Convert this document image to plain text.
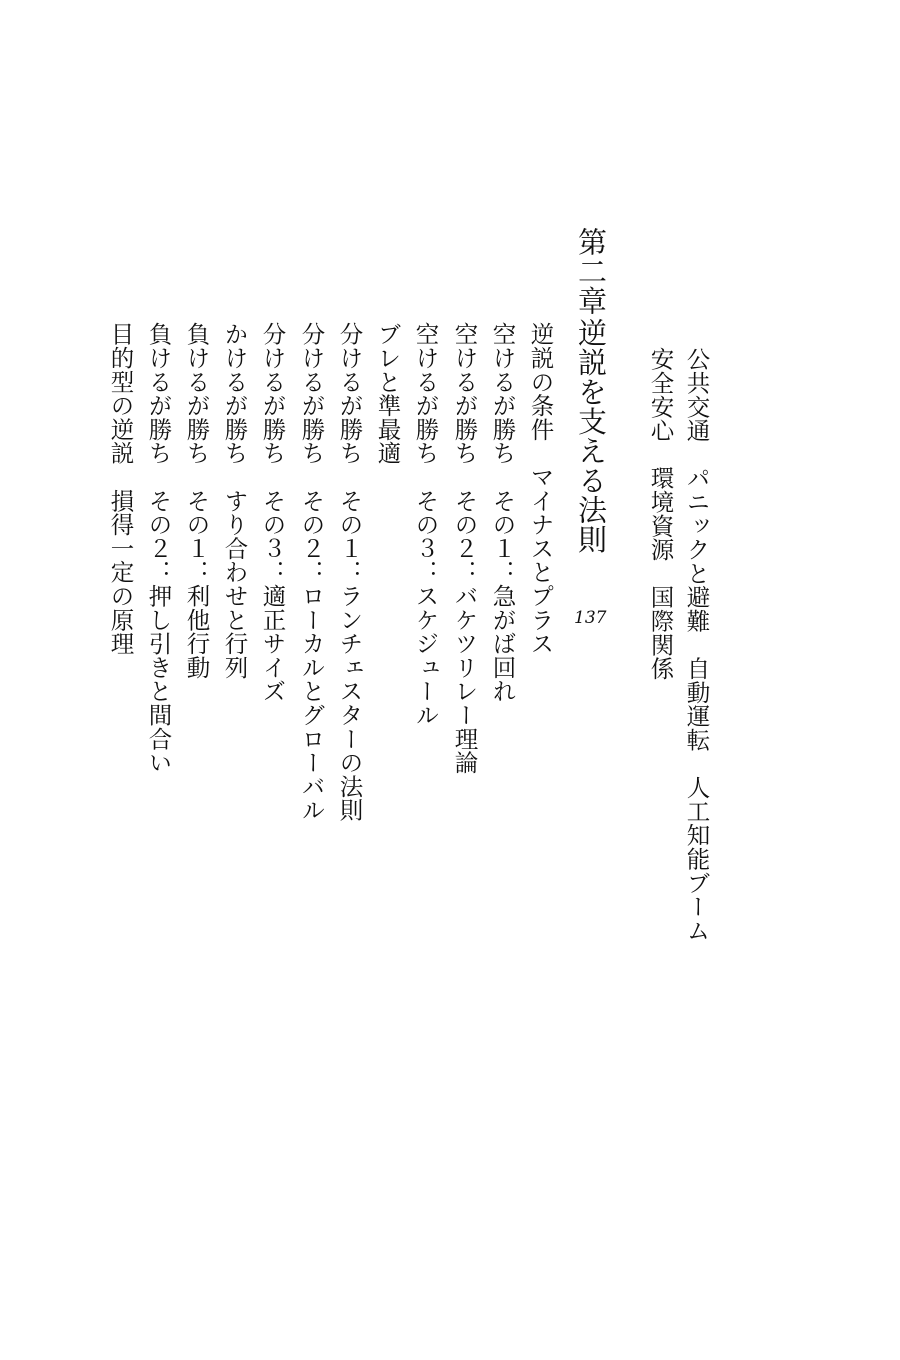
公共交通　パニックと避難　自動運転　人工知能ブーム
安全安心　環境資源　国際関係
第二章
逆説を支える法則
137
逆説の条件　マイナスとプラス
空けるが勝ち　その１：急がば回れ
空けるが勝ち　その２：バケツリレー理論
空けるが勝ち　その３：スケジュール
ブレと準最適
分けるが勝ち　その１：ランチェスターの法則
分けるが勝ち　その２：ローカルとグローバル
分けるが勝ち　その３：適正サイズ
かけるが勝ち　すり合わせと行列
負けるが勝ち　その１：利他行動
負けるが勝ち　その２：押し引きと間合い
目的型の逆説　損得一定の原理
